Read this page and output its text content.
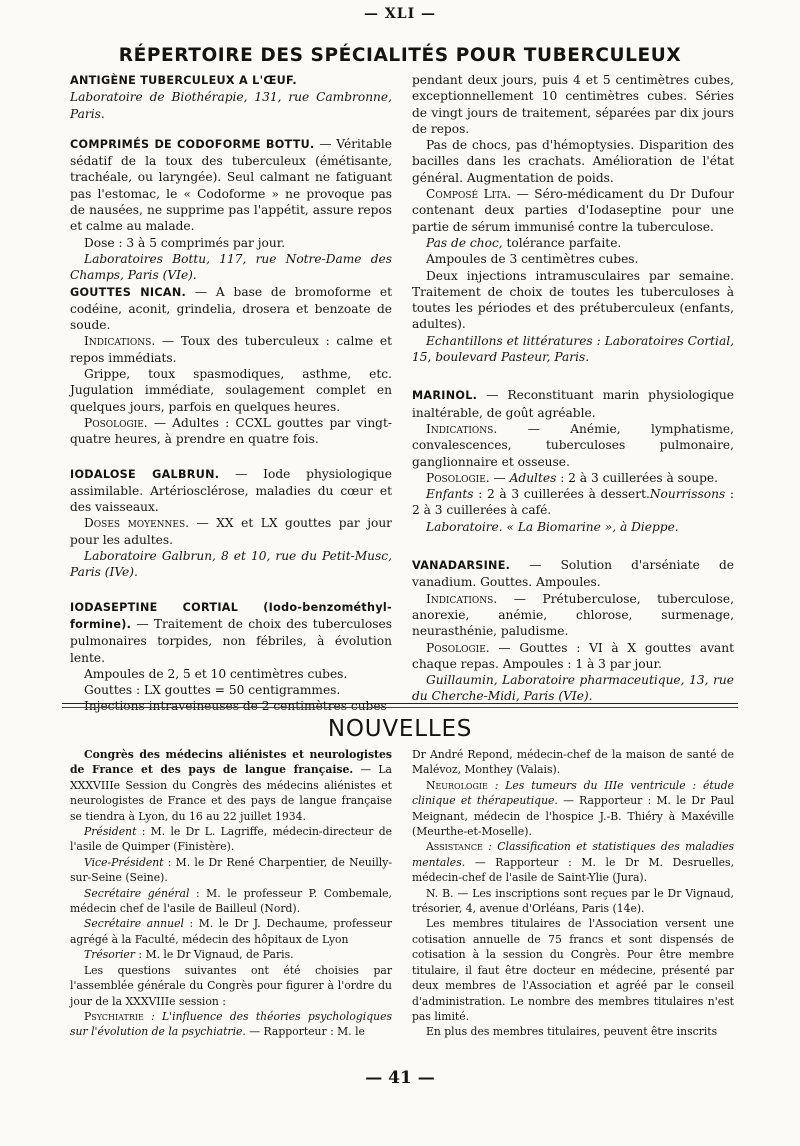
— XLI —
RÉPERTOIRE DES SPÉCIALITÉS POUR TUBERCULEUX

ANTIGÈNE TUBERCULEUX A L'ŒUF.

Laboratoire de Biothérapie, 131, rue Cambronne, Paris.

COMPRIMÉS DE CODOFORME BOTTU. — Véritable sédatif de la toux des tuberculeux (émétisante, trachéale, ou laryngée). Seul calmant ne fatiguant pas l'estomac, le « Codoforme » ne provoque pas de nausées, ne supprime pas l'appétit, assure repos et calme au malade.

Dose : 3 à 5 comprimés par jour.

Laboratoires Bottu, 117, rue Notre-Dame des Champs, Paris (VIe).

GOUTTES NICAN. — A base de bromoforme et codéine, aconit, grindelia, drosera et benzoate de soude.

Indications. — Toux des tuberculeux : calme et repos immédiats.

Grippe, toux spasmodiques, asthme, etc. Jugulation immédiate, soulagement complet en quelques jours, parfois en quelques heures.

Posologie. — Adultes : CCXL gouttes par vingt-quatre heures, à prendre en quatre fois.

IODALOSE GALBRUN. — Iode physiologique assimilable. Artériosclérose, maladies du cœur et des vaisseaux.

Doses moyennes. — XX et LX gouttes par jour pour les adultes.

Laboratoire Galbrun, 8 et 10, rue du Petit-Musc, Paris (IVe).

IODASEPTINE CORTIAL (Iodo-benzométhyl-formine). — Traitement de choix des tuberculoses pulmonaires torpides, non fébriles, à évolution lente.

Ampoules de 2, 5 et 10 centimètres cubes.

Gouttes : LX gouttes = 50 centigrammes.

Injections intraveineuses de 2 centimètres cubes

pendant deux jours, puis 4 et 5 centimètres cubes, exceptionnellement 10 centimètres cubes. Séries de vingt jours de traitement, séparées par dix jours de repos.

Pas de chocs, pas d'hémoptysies. Disparition des bacilles dans les crachats. Amélioration de l'état général. Augmentation de poids.

Composé Lita. — Séro-médicament du Dr Dufour contenant deux parties d'Iodaseptine pour une partie de sérum immunisé contre la tuberculose.

Pas de choc, tolérance parfaite.

Ampoules de 3 centimètres cubes.

Deux injections intramusculaires par semaine. Traitement de choix de toutes les tuberculoses à toutes les périodes et des prétuberculeux (enfants, adultes).

Echantillons et littératures : Laboratoires Cortial, 15, boulevard Pasteur, Paris.

MARINOL. — Reconstituant marin physiologique inaltérable, de goût agréable.

Indications. — Anémie, lymphatisme, convalescences, tuberculoses pulmonaire, ganglionnaire et osseuse.

Posologie. — Adultes : 2 à 3 cuillerées à soupe.

Enfants : 2 à 3 cuillerées à dessert.Nourrissons : 2 à 3 cuillerées à café.

Laboratoire. « La Biomarine », à Dieppe.

VANADARSINE. — Solution d'arséniate de vanadium. Gouttes. Ampoules.

Indications. — Prétuberculose, tuberculose, anorexie, anémie, chlorose, surmenage, neurasthénie, paludisme.

Posologie. — Gouttes : VI à X gouttes avant chaque repas. Ampoules : 1 à 3 par jour.

Guillaumin, Laboratoire pharmaceutique, 13, rue du Cherche-Midi, Paris (VIe).

NOUVELLES

Congrès des médecins aliénistes et neurologistes de France et des pays de langue française. — La XXXVIIIe Session du Congrès des médecins aliénistes et neurologistes de France et des pays de langue française se tiendra à Lyon, du 16 au 22 juillet 1934.

Président : M. le Dr L. Lagriffe, médecin-directeur de l'asile de Quimper (Finistère).

Vice-Président : M. le Dr René Charpentier, de Neuilly-sur-Seine (Seine).

Secrétaire général : M. le professeur P. Combemale, médecin chef de l'asile de Bailleul (Nord).

Secrétaire annuel : M. le Dr J. Dechaume, professeur agrégé à la Faculté, médecin des hôpitaux de Lyon

Trésorier : M. le Dr Vignaud, de Paris.

Les questions suivantes ont été choisies par l'assemblée générale du Congrès pour figurer à l'ordre du jour de la XXXVIIIe session :

Psychiatrie : L'influence des théories psychologiques sur l'évolution de la psychiatrie. — Rapporteur : M. le

Dr André Repond, médecin-chef de la maison de santé de Malévoz, Monthey (Valais).

Neurologie : Les tumeurs du IIIe ventricule : étude clinique et thérapeutique. — Rapporteur : M. le Dr Paul Meignant, médecin de l'hospice J.-B. Thiéry à Maxéville (Meurthe-et-Moselle).

Assistance : Classification et statistiques des maladies mentales. — Rapporteur : M. le Dr M. Desruelles, médecin-chef de l'asile de Saint-Ylie (Jura).

N. B. — Les inscriptions sont reçues par le Dr Vignaud, trésorier, 4, avenue d'Orléans, Paris (14e).

Les membres titulaires de l'Association versent une cotisation annuelle de 75 francs et sont dispensés de cotisation à la session du Congrès. Pour être membre titulaire, il faut être docteur en médecine, présenté par deux membres de l'Association et agréé par le conseil d'administration. Le nombre des membres titulaires n'est pas limité.

En plus des membres titulaires, peuvent être inscrits

— 41 —
